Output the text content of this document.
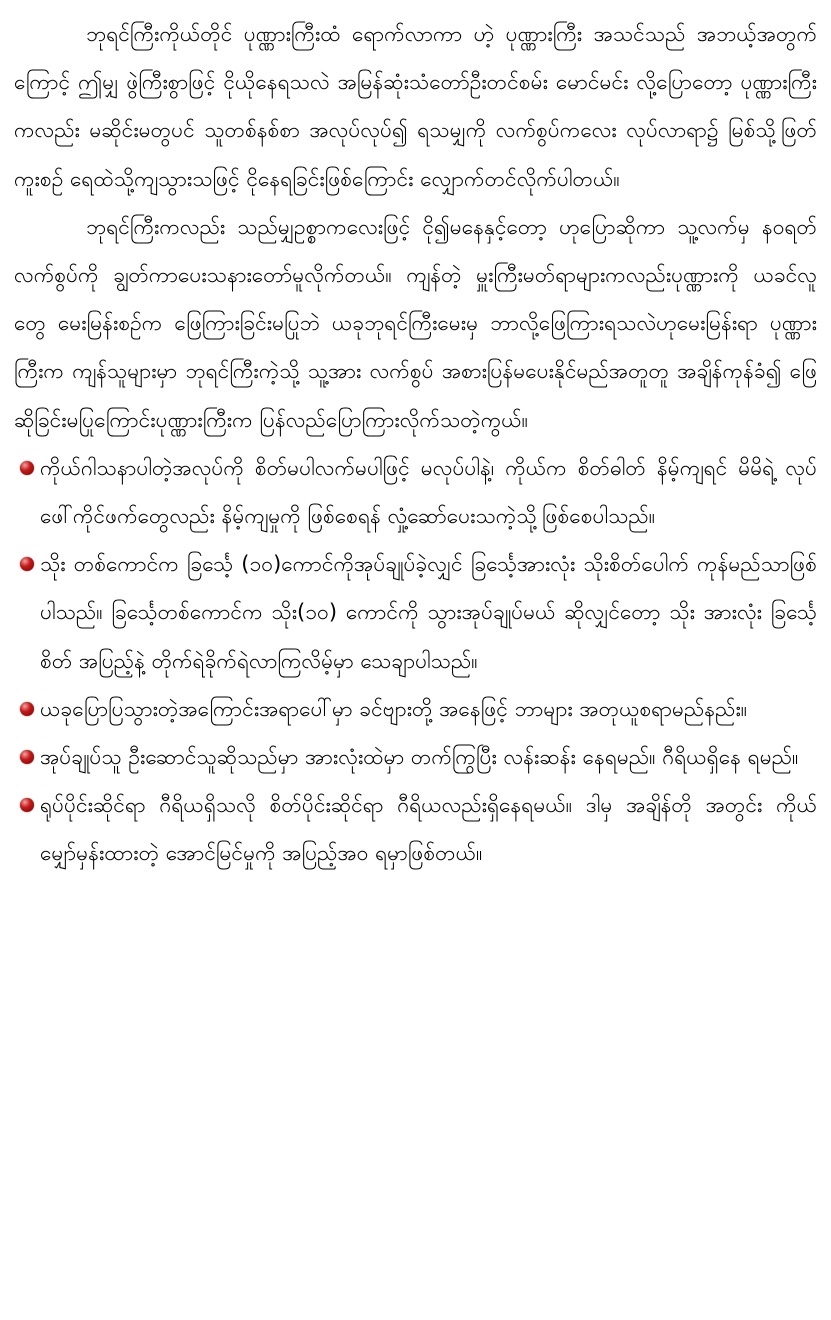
ဘုရင်ကြီးကိုယ်တိုင် ပုဏ္ဏားကြီးထံ ရောက်လာကာ ဟဲ့ ပုဏ္ဏားကြီး အသင်သည် အဘယ့်အတွက်ကြောင့် ဤမျှ ဖွဲကြီးစွာဖြင့် ငိုယိုနေရသလဲ အမြန်ဆုံးသံတော်ဦးတင်စမ်း မောင်မင်း လို့ပြောတော့ ပုဏ္ဏားကြီး ကလည်း မဆိုင်းမတွပင် သူတစ်နစ်စာ အလုပ်လုပ်၍ ရသမျှကို လက်စွပ်ကလေး လုပ်လာရာ၌ မြစ်သို့ဖြတ်ကူးစဉ် ရေထဲသို့ကျသွားသဖြင့် ငိုနေရခြင်းဖြစ်ကြောင်း လျှောက်တင်လိုက်ပါတယ်။

ဘုရင်ကြီးကလည်း သည်မျှဥစ္စာကလေးဖြင့် ငို၍မနေနှင့်တော့ ဟုပြောဆိုကာ သူ့လက်မှ နဝရတ်လက်စွပ်ကို ချွတ်ကာပေးသနားတော်မူလိုက်တယ်။ ကျန်တဲ့ မှူးကြီးမတ်ရာများကလည်းပုဏ္ဏားကို ယခင်လူတွေ မေးမြန်းစဉ်က ဖြေကြားခြင်းမပြုဘဲ ယခုဘုရင်ကြီးမေးမှ ဘာလို့ဖြေကြားရသလဲဟုမေးမြန်းရာ ပုဏ္ဏားကြီးက ကျန်သူများမှာ ဘုရင်ကြီးကဲ့သို့ သူ့အား လက်စွပ် အစားပြန်မပေးနိုင်မည်အတူတူ အချိန်ကုန်ခံ၍ ဖြေဆိုခြင်းမပြုကြောင်းပုဏ္ဏားကြီးက ပြန်လည်ပြောကြားလိုက်သတဲ့ကွယ်။

ကိုယ်ဂါသနာပါတဲ့အလုပ်ကို စိတ်မပါလက်မပါဖြင့် မလုပ်ပါနဲ့၊ ကိုယ်က စိတ်ဓါတ် နိမ့်ကျရင် မိမိရဲ့ လုပ်ဖေါ်ကိုင်ဖက်တွေလည်း နိမ့်ကျမှုကို ဖြစ်စေရန် လှုံ့ဆော်ပေးသကဲ့သို့ဖြစ်စေပါသည်။
သိုး တစ်ကောင်က ခြင်္သေ့ (၁၀)ကောင်ကိုအုပ်ချုပ်ခဲ့လျှင် ခြင်္သေ့အားလုံး သိုးစိတ်ပေါက် ကုန်မည်သာဖြစ်ပါသည်။ ခြင်္သေ့တစ်ကောင်က သိုး(၁၀) ကောင်ကို သွားအုပ်ချုပ်မယ် ဆိုလျှင်တော့ သိုး အားလုံး ခြင်္သေ့စိတ် အပြည့်နဲ့ တိုက်ရဲခိုက်ရဲလာကြလိမ့်မှာ သေချာပါသည်။
ယခုပြောပြသွားတဲ့အကြောင်းအရာပေါ်မှာ ခင်ဗျားတို့ အနေဖြင့် ဘာများ အတုယူစရာမည်နည်း။
အုပ်ချုပ်သူ ဦးဆောင်သူဆိုသည်မှာ အားလုံးထဲမှာ တက်ကြွပြီး လန်းဆန်း နေရမည်။ ဂီရိယရှိနေ ရမည်။
ရုပ်ပိုင်းဆိုင်ရာ ဂီရိယရှိသလို စိတ်ပိုင်းဆိုင်ရာ ဂီရိယလည်းရှိနေရမယ်။ ဒါမှ အချိန်တို အတွင်း ကိုယ်မျှော်မှန်းထားတဲ့ အောင်မြင်မှုကို အပြည့်အဝ ရမှာဖြစ်တယ်။
